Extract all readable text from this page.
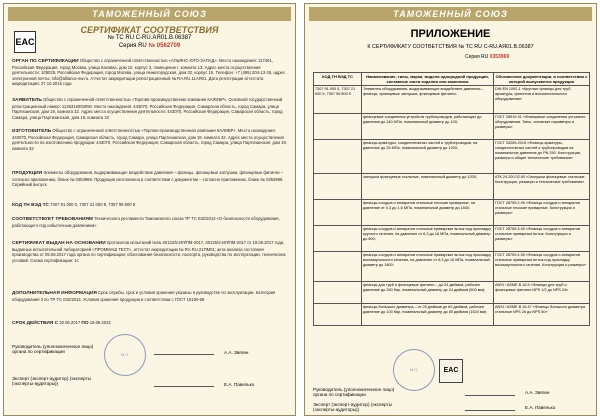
ТАМОЖЕННЫЙ СОЮЗ
EAC
СЕРТИФИКАТ СООТВЕТСТВИЯ
№ ТС RU С-RU.АЯ01.В.06387
Серия RU № 0562709
ОРГАН ПО СЕРТИФИКАЦИИ Общество с ограниченной ответственностью «АЛЬЯНС ЮГО-ЗАПАД». Место нахождения: 117461, Российская Федерация, город Москва, улица Каховка, дом 10, корпус 3, помещение I, комната 13. Адрес места осуществления деятельности: 109029, Российская Федерация, город Москва, улица Нижегородская, дом 32, корпус 15. Телефон: +7 (495) 204-13-26, адрес электронной почты: info@alliance-sw.ru. Аттестат аккредитации регистрационный № RA.RU.11АЯ01. Дата регистрации аттестата аккредитации: 27.10.2015 года
ЗАЯВИТЕЛЬ Общество с ограниченной ответственностью «Торгово-производственная компания КАЛИБР». Основной государственный регистрационный номер: 1136316003050. Место нахождения: 443070, Российская Федерация, Самарская область, город Самара, улица Партизанская, дом 19, комната 32. Адрес места осуществления деятельности: 443070, Российская Федерация, Самарская область, город Самара, улица Партизанская, дом 19, комната 32
ИЗГОТОВИТЕЛЬ Общество с ограниченной ответственностью «Торгово-производственная компания КАЛИБР». Место нахождения: 443070, Российская Федерация, Самарская область, город Самара, улица Партизанская, дом 19, комната 32. Адрес места осуществления деятельности по изготовлению продукции: 443070, Российская Федерация, Самарская область, город Самара, улица Партизанская, дом 19, комната 32
ПРОДУКЦИЯ Элементы оборудования, выдерживающие воздействие давления – фланцы, фланцевые заглушки, фланцевые фитинги – согласно приложению, бланк № 0353969. Продукция изготовлена в соответствии с документом – согласно приложению, бланк № 0353969. Серийный выпуск
КОД ТН ВЭД ТС 7307 91 000 0, 7307 21 000 9, 7307 99 800 9
СООТВЕТСТВУЕТ ТРЕБОВАНИЯМ Технического регламента Таможенного союза ТР ТС 032/2013 «О безопасности оборудования, работающего под избыточным давлением»
СЕРТИФИКАТ ВЫДАН НА ОСНОВАНИИ протоколов испытаний №№ 30132/5-ИЛ/ПМ-2017, 30125/2-ИЛ/ПМ-2017 от 19.06.2017 года, выданных испытательной лабораторией «ПРОММАШ ТЕСТ», аттестат аккредитации № RA.RU.21ПМ01; акта анализа состояния производства от 05.06.2017 года органа по сертификации; обоснования безопасности, паспорта, руководства по эксплуатации, технических условий. Схема сертификации: 1с
ДОПОЛНИТЕЛЬНАЯ ИНФОРМАЦИЯ Срок службы, срок и условия хранения указаны в руководстве по эксплуатации. Категория оборудования 3 по ТР ТС 032/2013. Условия хранения продукции в соответствии с ГОСТ 15150-69
СРОК ДЕЙСТВИЯ С 20.06.2017 ПО 19.06.2022
М.П.
Руководитель (уполномоченное лицо) органа по сертификации	А.А. Звягин
Эксперт (эксперт-аудитор) (эксперты (эксперты-аудиторы))	Е.А. Павелько
ТАМОЖЕННЫЙ СОЮЗ
ПРИЛОЖЕНИЕ
К СЕРТИФИКАТУ СООТВЕТСТВИЯ № ТС RU С-RU.АЯ01.В.06387
Серия RU 0353969
КОД ТН ВЭД ТС	Наименование, типы, марки, модели однородной продукции, составные части изделия или комплекса	Обозначение документации, в соответствии с которой выпускается продукция
7307 91 000 0, 7307 21 000 9, 7307 99 800 9	Элементы оборудования, выдерживающие воздействие давления – фланцы, фланцевые заглушки, фланцевые фитинги:	DIN EN 1092-1 «Круглые фланцы для труб, арматуры, фитингов и вспомогательного оборудования»
	фланцевые соединения устройств трубопроводов, работающих до давления до 140 МПа, номинальный диаметр до 100;	ГОСТ 28919-91 «Фланцевые соединения устьевого оборудования. Типы, основные параметры и размеры»
	фланцы арматуры, соединительных частей и трубопроводов, на давление до 25 МПа, номинальный диаметр до 1200;	ГОСТ 33259-2015 «Фланцы арматуры, соединительных частей и трубопроводов на номинальное давление до PN 250. Конструкция, размеры и общие технические требования»
	заглушки фланцевые стальные, номинальный диаметр до 1200;	АТК 24.200.02-90 «Заглушки фланцевые стальные. Конструкция, размеры и технические требования»
	фланцы сосудов и аппаратов стальные плоские приварные, на давление от 0,3 до 1,6 МПа, номинальный диаметр до 1600;	ГОСТ 28759.2-90 «Фланцы сосудов и аппаратов стальные плоские приварные. Конструкция и размеры»
	фланцы сосудов и аппаратов стальные приварные встык под прокладку круглого сечения, на давление от 6,3 до 16 МПа, номинальный диаметр до 800;	ГОСТ 28759.3-90 «Фланцы сосудов и аппаратов стальные приварные встык. Конструкция и размеры»
	фланцы сосудов и аппаратов стальные приварные встык под прокладку восьмиугольного сечения, на давление от 6,3 до 16 МПа, номинальный диаметр до 1600;	ГОСТ 28759.4-90 «Фланцы сосудов и аппаратов стальные приварные встык под прокладку восьмиугольного сечения. Конструкция и размеры»
	фланцы для труб и фланцевые фитинги – до 24 дюймов, рабочее давление до 260 бар, номинальный диаметр до 24 дюймов (600 мм);	ANSI / ASME B 16.5 «Фланцы для труб и фланцевые фитинги NPS 1/2 до NPS 24»
	фланцы большого диаметра – от 26 дюймов до 60 дюймов, рабочее давление до 100 бар, номинальный диаметр до 60 дюймов (1524 мм)	ANSI / ASME B 16.47 «Фланцы большого диаметра стальные NPS 26 до NPS 60»
EAC
М.П.
Руководитель (уполномоченное лицо) органа по сертификации	А.А. Звягин
Эксперт (эксперт-аудитор) (эксперты (эксперты-аудиторы))	Е.А. Павелько
